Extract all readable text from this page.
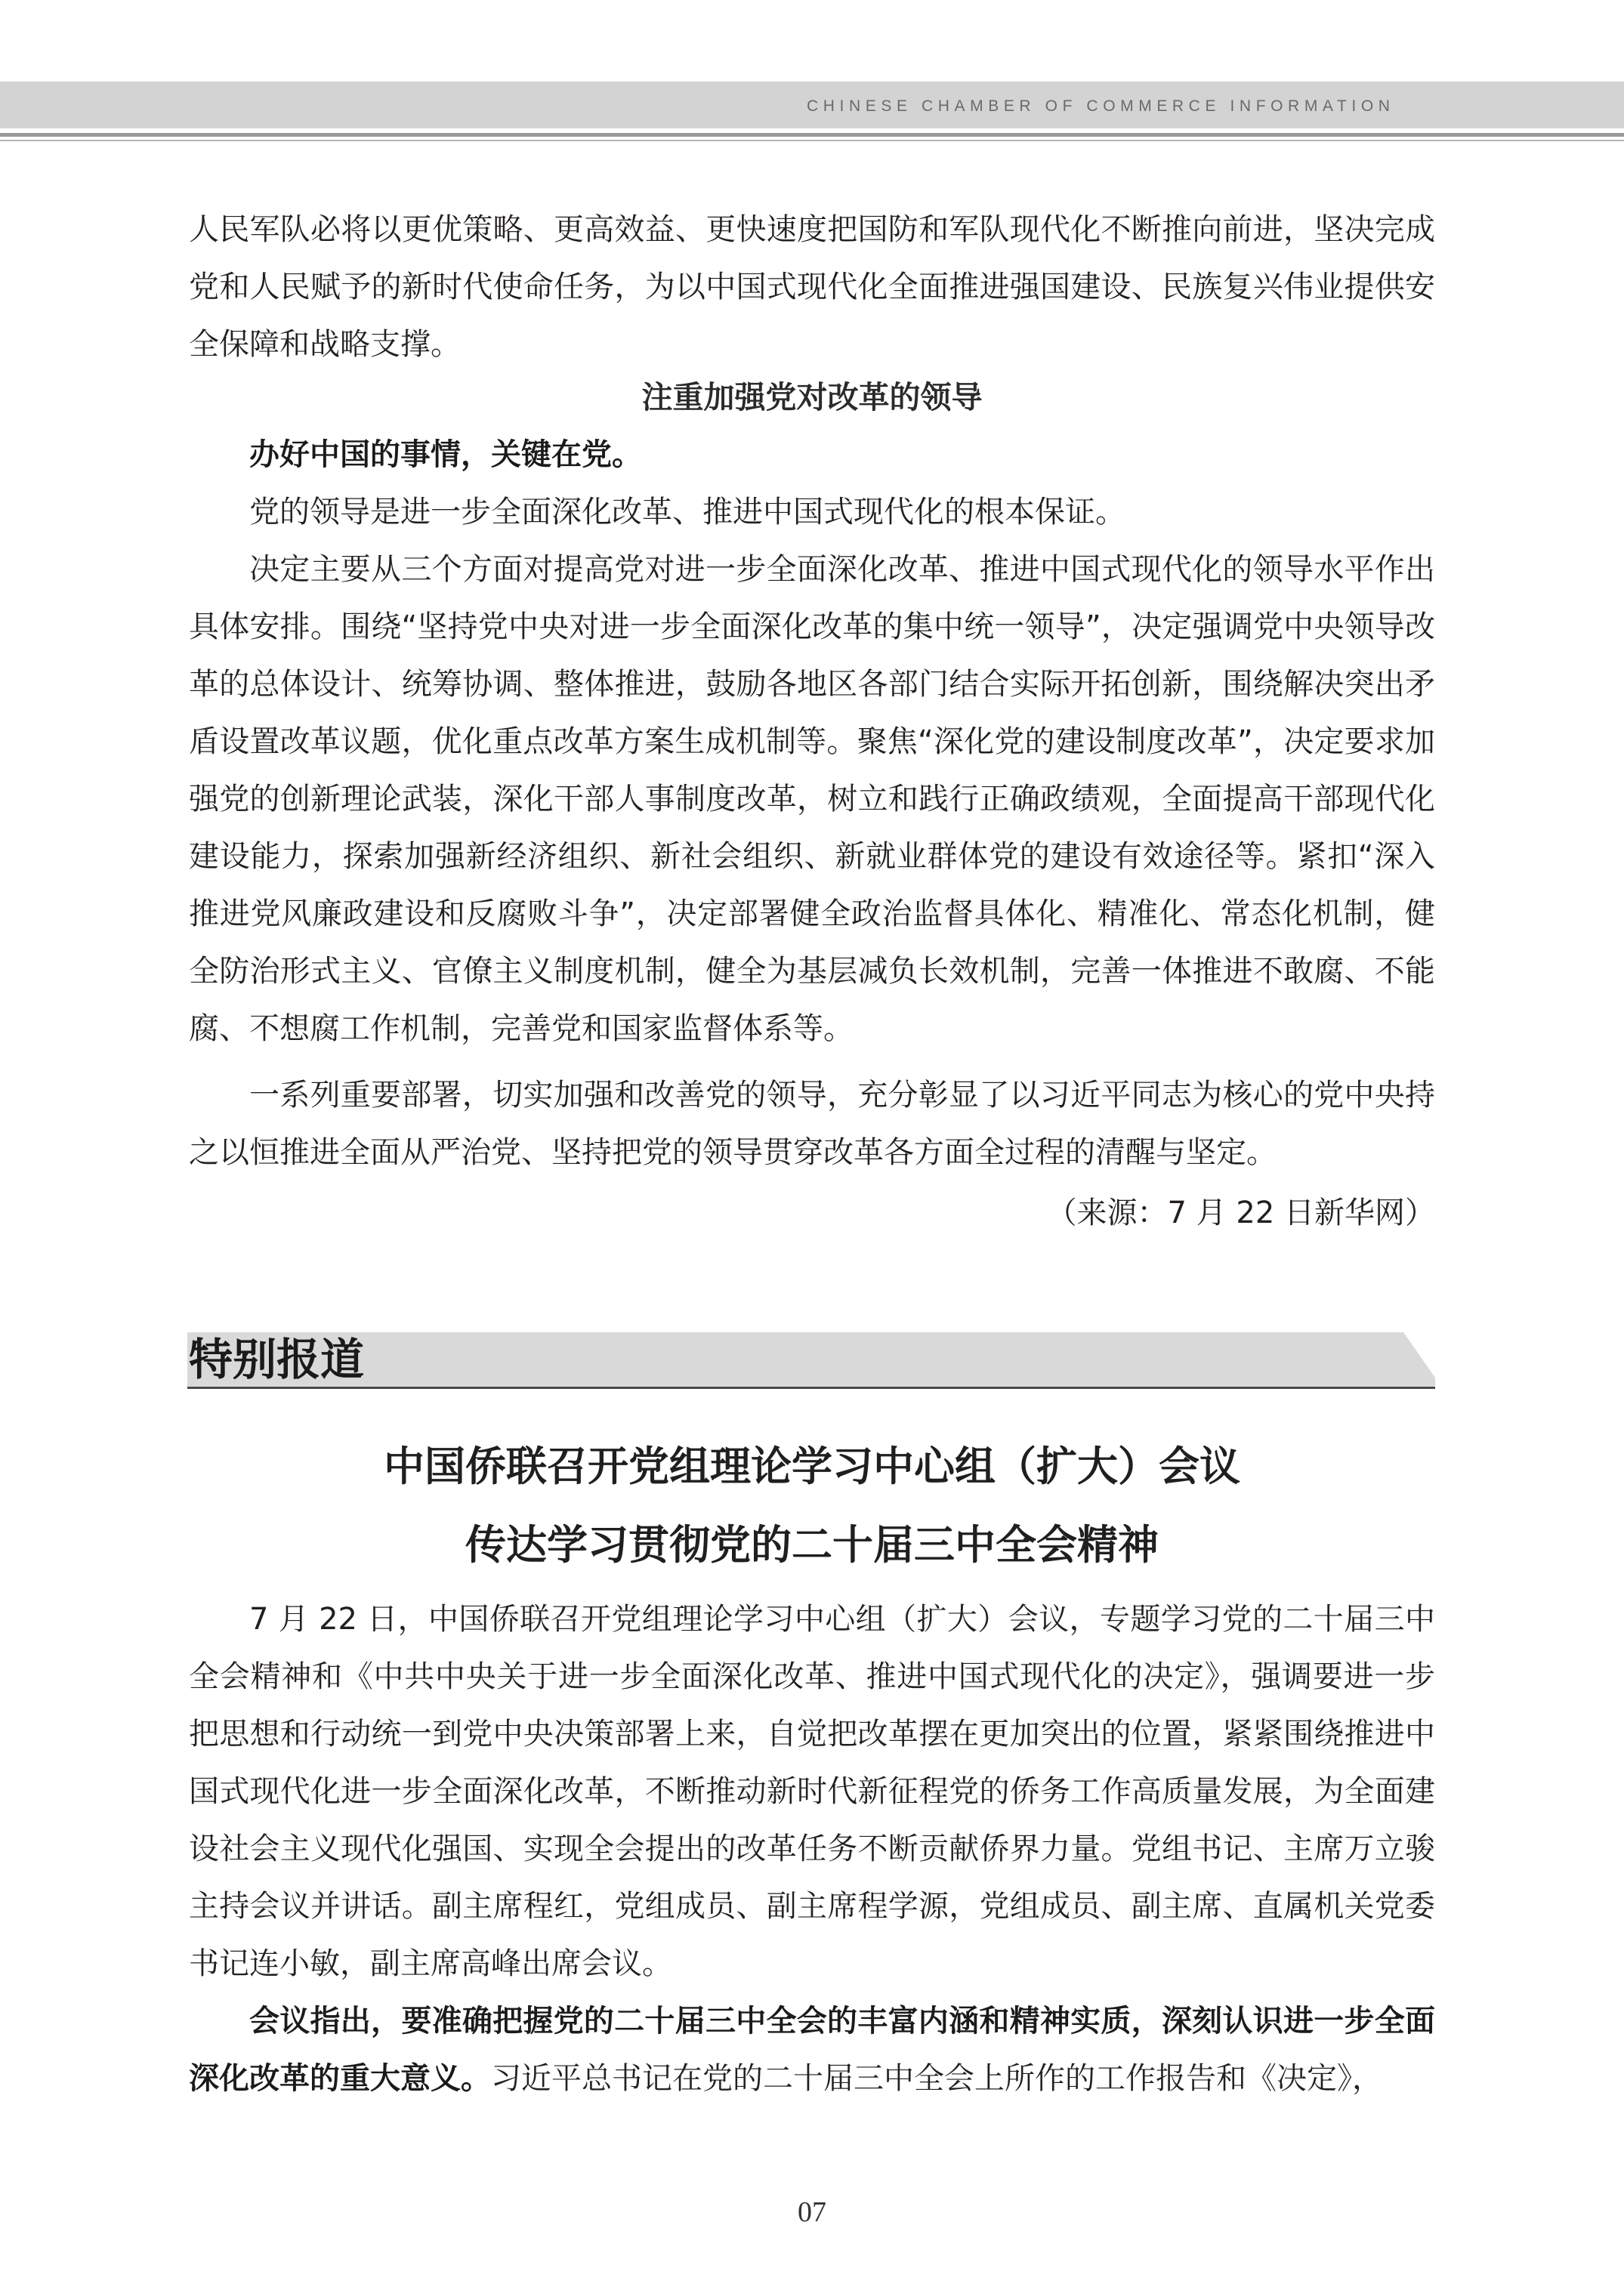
CHINESE CHAMBER OF COMMERCE INFORMATION

人民军队必将以更优策略、更高效益、更快速度把国防和军队现代化不断推向前进，坚决完成党和人民赋予的新时代使命任务，为以中国式现代化全面推进强国建设、民族复兴伟业提供安全保障和战略支撑。

注重加强党对改革的领导

办好中国的事情，关键在党。

党的领导是进一步全面深化改革、推进中国式现代化的根本保证。

决定主要从三个方面对提高党对进一步全面深化改革、推进中国式现代化的领导水平作出具体安排。围绕“坚持党中央对进一步全面深化改革的集中统一领导”，决定强调党中央领导改革的总体设计、统筹协调、整体推进，鼓励各地区各部门结合实际开拓创新，围绕解决突出矛盾设置改革议题，优化重点改革方案生成机制等。聚焦“深化党的建设制度改革”，决定要求加强党的创新理论武装，深化干部人事制度改革，树立和践行正确政绩观，全面提高干部现代化建设能力，探索加强新经济组织、新社会组织、新就业群体党的建设有效途径等。紧扣“深入推进党风廉政建设和反腐败斗争”，决定部署健全政治监督具体化、精准化、常态化机制，健全防治形式主义、官僚主义制度机制，健全为基层减负长效机制，完善一体推进不敢腐、不能腐、不想腐工作机制，完善党和国家监督体系等。

一系列重要部署，切实加强和改善党的领导，充分彰显了以习近平同志为核心的党中央持之以恒推进全面从严治党、坚持把党的领导贯穿改革各方面全过程的清醒与坚定。

（来源：7 月 22 日新华网）
特别报道
中国侨联召开党组理论学习中心组（扩大）会议
传达学习贯彻党的二十届三中全会精神

7 月 22 日，中国侨联召开党组理论学习中心组（扩大）会议，专题学习党的二十届三中全会精神和《中共中央关于进一步全面深化改革、推进中国式现代化的决定》，强调要进一步把思想和行动统一到党中央决策部署上来，自觉把改革摆在更加突出的位置，紧紧围绕推进中国式现代化进一步全面深化改革，不断推动新时代新征程党的侨务工作高质量发展，为全面建设社会主义现代化强国、实现全会提出的改革任务不断贡献侨界力量。党组书记、主席万立骏主持会议并讲话。副主席程红，党组成员、副主席程学源，党组成员、副主席、直属机关党委书记连小敏，副主席高峰出席会议。

会议指出，要准确把握党的二十届三中全会的丰富内涵和精神实质，深刻认识进一步全面深化改革的重大意义。习近平总书记在党的二十届三中全会上所作的工作报告和《决定》，

07
